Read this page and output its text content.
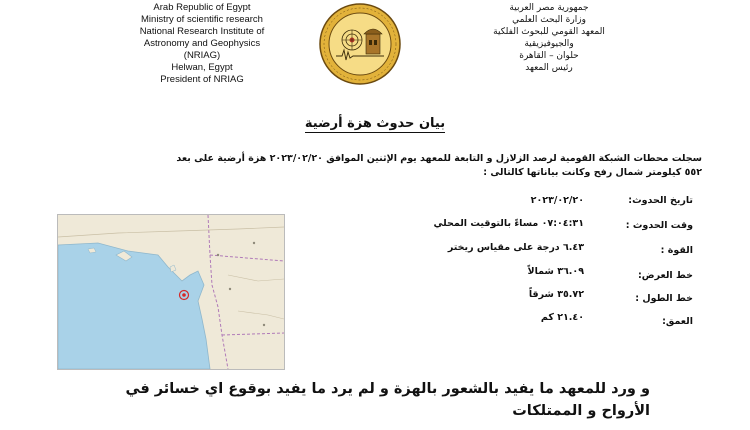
Arab Republic of Egypt
Ministry of scientific research
National Research Institute of
Astronomy and Geophysics
(NRIAG)
Helwan, Egypt
President of NRIAG
جمهورية مصر العربية
وزارة البحث العلمي
المعهد القومي للبحوث الفلكية
والجيوفيزيقية
حلوان – القاهرة
رئيس المعهد
بيان حدوث هزة أرضية
سجلت محطات الشبكة القومية لرصد الزلازل و التابعة للمعهد يوم الإثنين الموافق ٢٠٢٣/٠٢/٢٠ هزة أرضية على بعد
٥٥٢ كيلومتر شمال رفح وكانت بياناتها كالتالى :
تاريخ الحدوث:
٢٠٢٣/٠٢/٢٠
وقت الحدوث :
٠٧:٠٤:٣١ مساءً بالتوقيت المحلي
القوة :
٦.٤٣ درجة على مقياس ريختر
خط العرض:
٣٦.٠٩ شمالاً
خط الطول :
٣٥.٧٢ شرقاً
العمق:
٢١.٤٠ كم
و ورد للمعهد ما يفيد بالشعور بالهزة و لم يرد ما يفيد بوقوع اي خسائر في
الأرواح و الممتلكات
